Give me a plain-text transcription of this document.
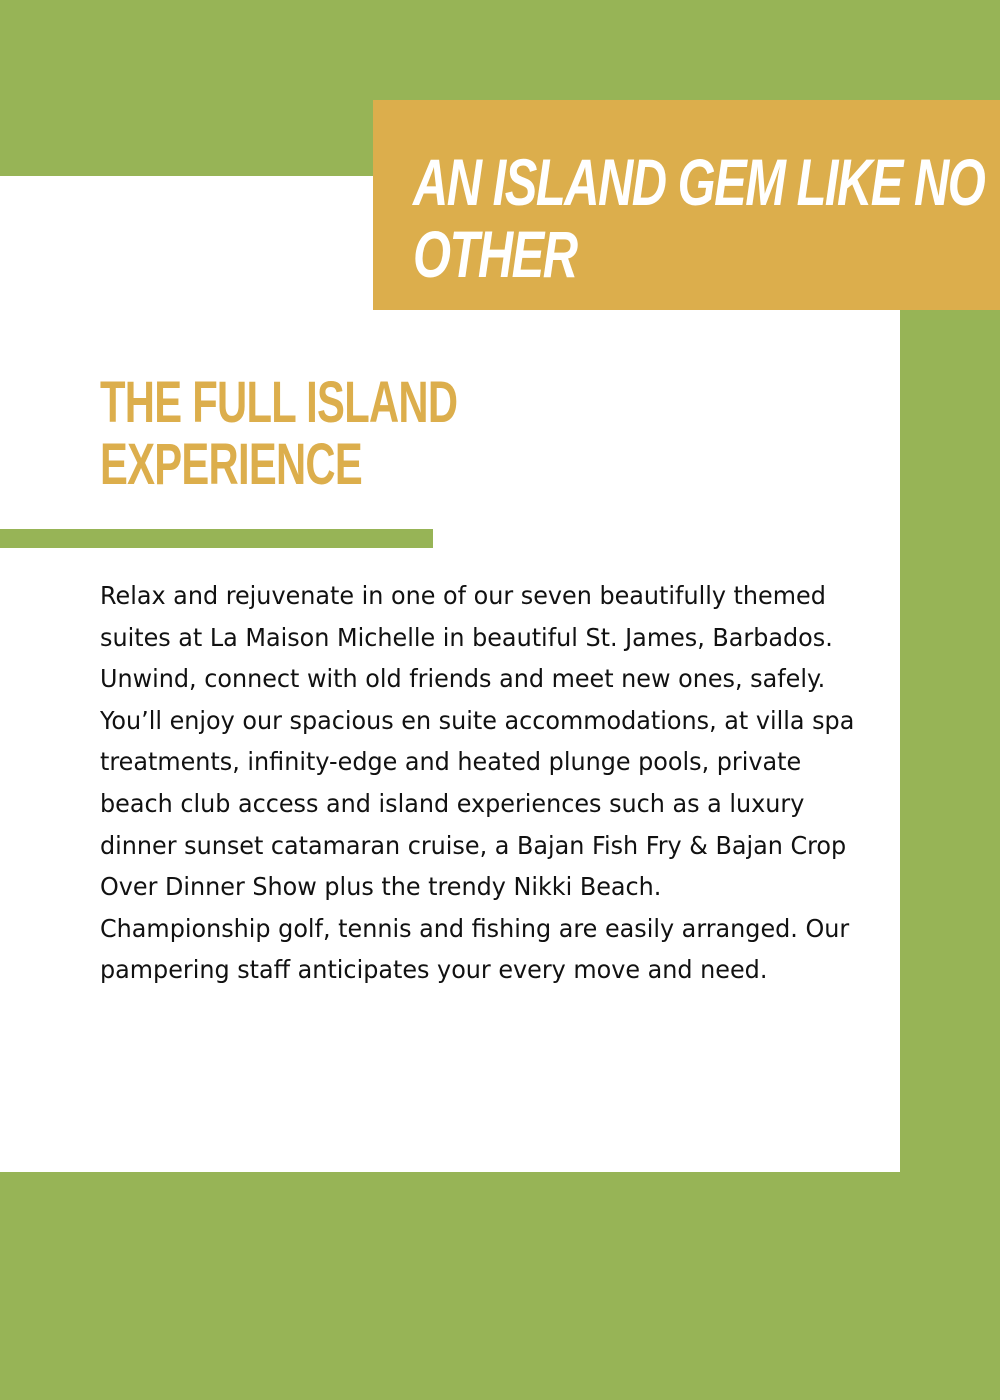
AN ISLAND GEM LIKE NO
OTHER
THE FULL ISLAND
EXPERIENCE

Relax and rejuvenate in one of our seven beautifully themed suites at La Maison Michelle in beautiful St. James, Barbados. Unwind, connect with old friends and meet new ones, safely.

You’ll enjoy our spacious en suite accommodations, at villa spa treatments, infinity-edge and heated plunge pools, private beach club access and island experiences such as a luxury dinner sunset catamaran cruise, a Bajan Fish Fry & Bajan Crop Over Dinner Show plus the trendy Nikki Beach.

Championship golf, tennis and fishing are easily arranged. Our pampering staff anticipates your every move and need.
